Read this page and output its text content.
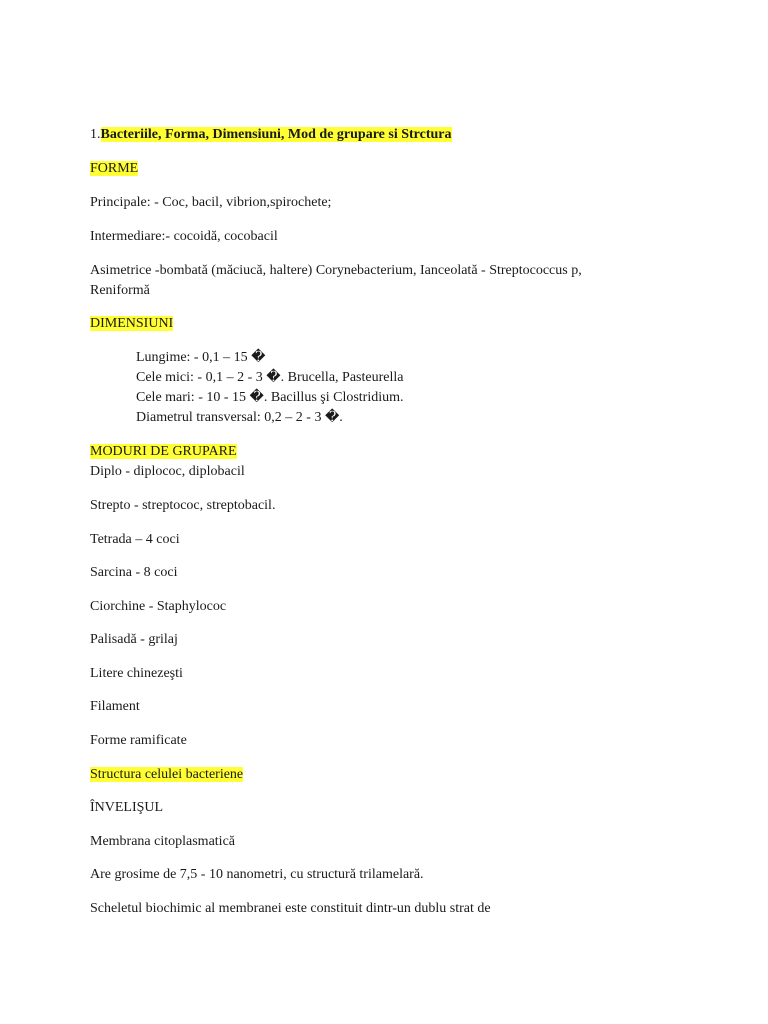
1.Bacteriile, Forma, Dimensiuni, Mod de grupare si Strctura
FORME
Principale: - Coc, bacil, vibrion,spirochete;
Intermediare:- cocoidă, cocobacil
Asimetrice -bombată (măciucă, haltere) Corynebacterium, Ianceolată - Streptococcus p,
Reniformă
DIMENSIUNI
Lungime: - 0,1 – 15 �
Cele mici: - 0,1 – 2 - 3 �. Brucella, Pasteurella
Cele mari: - 10 - 15 �. Bacillus şi Clostridium.
Diametrul transversal: 0,2 – 2 - 3 �.
MODURI DE GRUPARE
Diplo - diplococ, diplobacil
Strepto - streptococ, streptobacil.
Tetrada – 4 coci
Sarcina - 8 coci
Ciorchine - Staphylococ
Palisadă - grilaj
Litere chinezeşti
Filament
Forme ramificate
Structura celulei bacteriene
ÎNVELIŞUL
Membrana citoplasmatică
Are grosime de 7,5 - 10 nanometri, cu structură trilamelară.
Scheletul biochimic al membranei este constituit dintr-un dublu strat de
